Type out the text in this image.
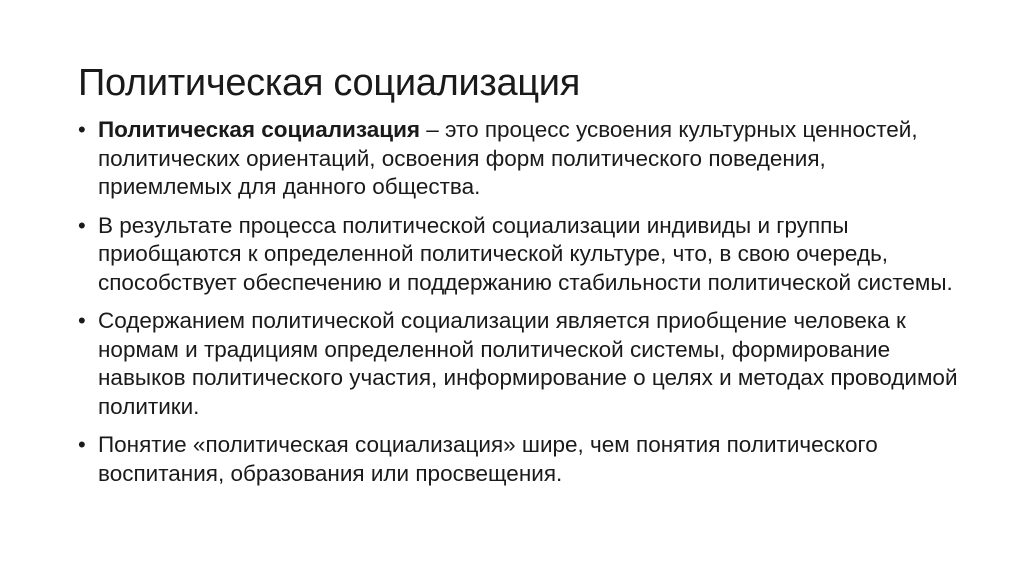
Политическая социализация
• Политическая социализация – это процесс усвоения культурных ценностей, политических ориентаций, освоения форм политического поведения, приемлемых для данного общества.
• В результате процесса политической социализации индивиды и группы приобщаются к определенной политической культуре, что, в свою очередь, способствует обеспечению и поддержанию стабильности политической системы.
• Содержанием политической социализации является приобщение человека к нормам и традициям определенной политической системы, формирование навыков политического участия, информирование о целях и методах проводимой политики.
• Понятие «политическая социализация» шире, чем понятия политического воспитания, образования или просвещения.
